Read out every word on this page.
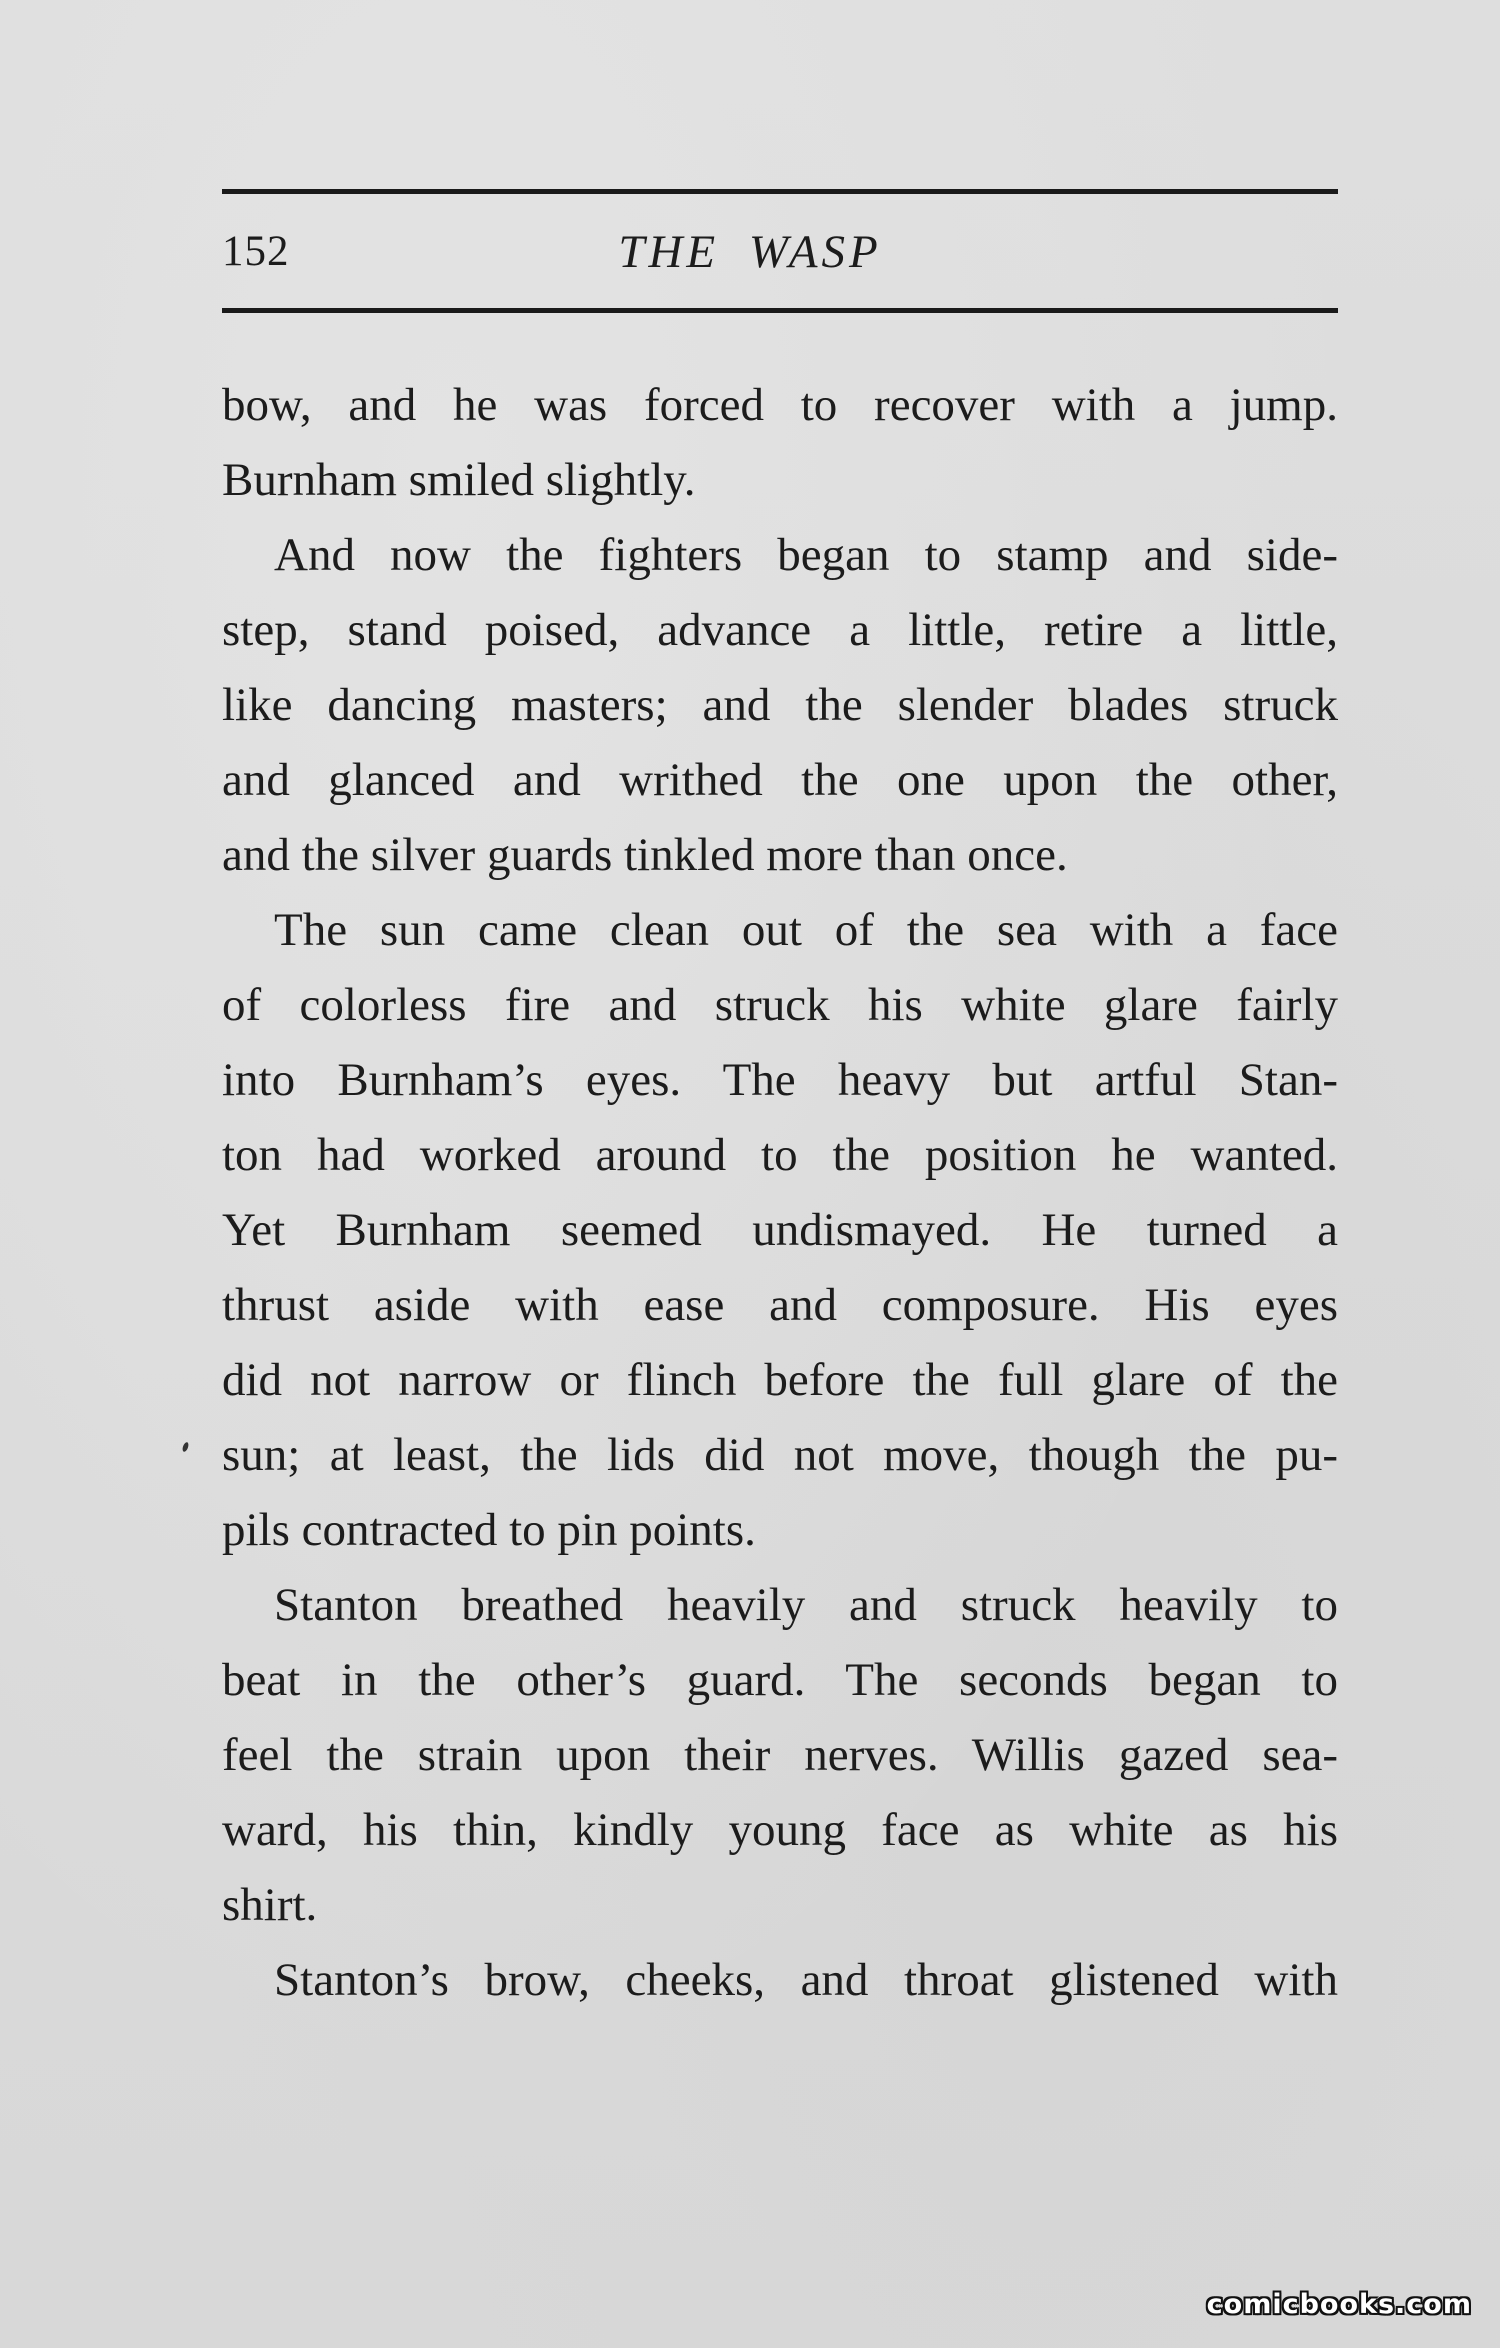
152	THE WASP
bow, and he was forced to recover with a jump.
Burnham smiled slightly.
And now the fighters began to stamp and side-
step, stand poised, advance a little, retire a little,
like dancing masters; and the slender blades struck
and glanced and writhed the one upon the other,
and the silver guards tinkled more than once.
The sun came clean out of the sea with a face
of colorless fire and struck his white glare fairly
into Burnham’s eyes. The heavy but artful Stan-
ton had worked around to the position he wanted.
Yet Burnham seemed undismayed. He turned a
thrust aside with ease and composure. His eyes
did not narrow or flinch before the full glare of the
sun; at least, the lids did not move, though the pu-
pils contracted to pin points.
Stanton breathed heavily and struck heavily to
beat in the other’s guard. The seconds began to
feel the strain upon their nerves. Willis gazed sea-
ward, his thin, kindly young face as white as his
shirt.
Stanton’s brow, cheeks, and throat glistened with
comicbooks.com
